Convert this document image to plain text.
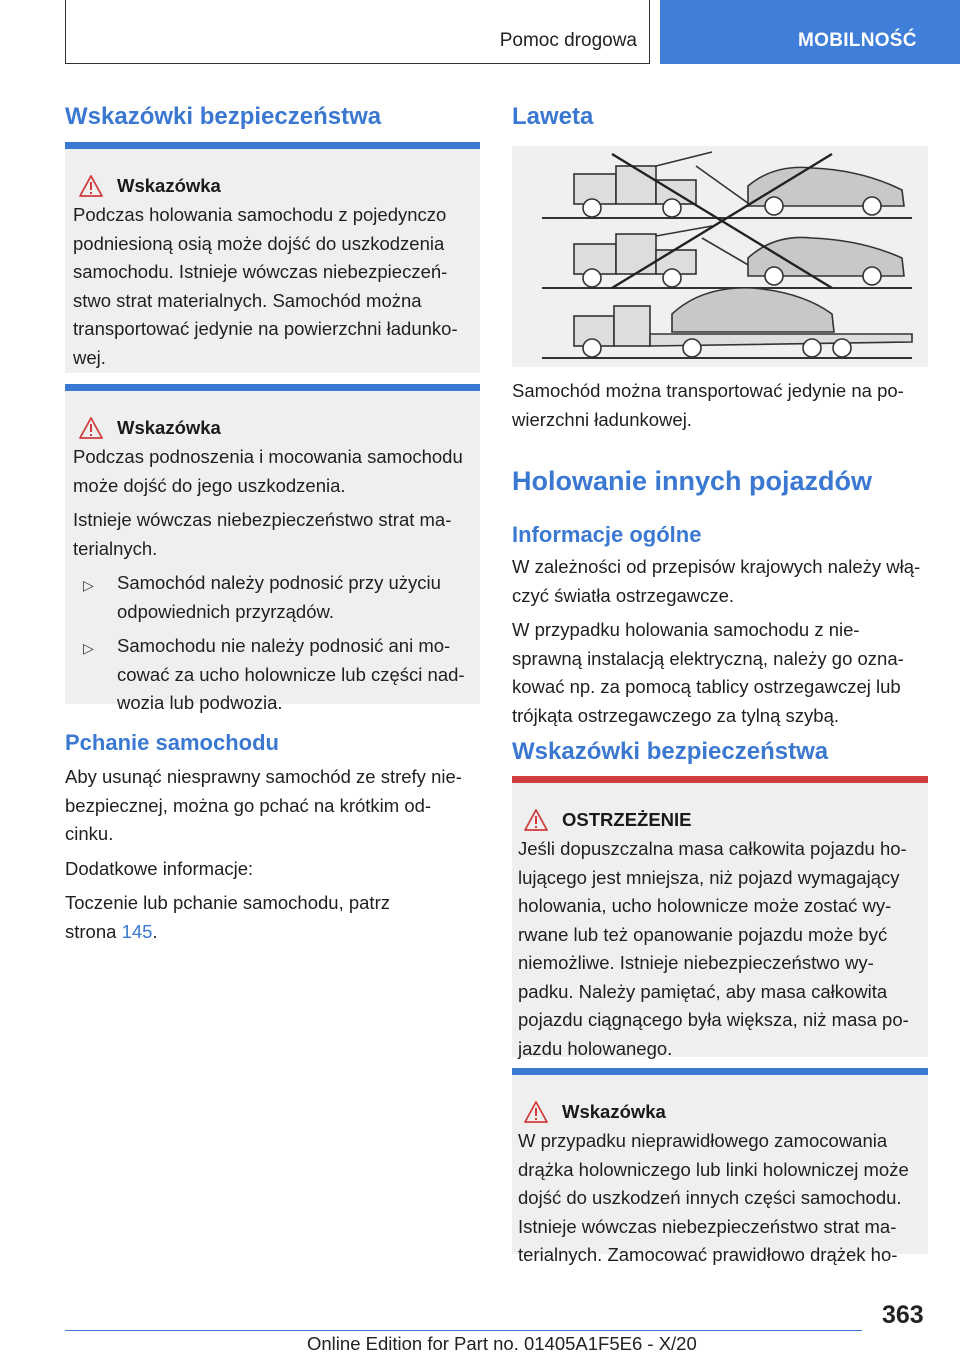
Pomoc drogowa	MOBILNOŚĆ
Wskazówki bezpieczeństwa
Wskazówka
Podczas holowania samochodu z pojedynczo
podniesioną osią może dojść do uszkodzenia
samochodu. Istnieje wówczas niebezpieczeń-
stwo strat materialnych. Samochód można
transportować jedynie na powierzchni ładunko-
wej.
Wskazówka
Podczas podnoszenia i mocowania samochodu
może dojść do jego uszkodzenia.
Istnieje wówczas niebezpieczeństwo strat ma-
terialnych.
▷	Samochód należy podnosić przy użyciu
odpowiednich przyrządów.
▷	Samochodu nie należy podnosić ani mo-
cować za ucho holownicze lub części nad-
wozia lub podwozia.
Pchanie samochodu
Aby usunąć niesprawny samochód ze strefy nie-
bezpiecznej, można go pchać na krótkim od-
cinku.
Dodatkowe informacje:
Toczenie lub pchanie samochodu, patrz
strona 145.
Laweta
Samochód można transportować jedynie na po-
wierzchni ładunkowej.
Holowanie innych pojazdów
Informacje ogólne
W zależności od przepisów krajowych należy włą-
czyć światła ostrzegawcze.
W przypadku holowania samochodu z nie-
sprawną instalacją elektryczną, należy go ozna-
kować np. za pomocą tablicy ostrzegawczej lub
trójkąta ostrzegawczego za tylną szybą.
Wskazówki bezpieczeństwa
OSTRZEŻENIE
Jeśli dopuszczalna masa całkowita pojazdu ho-
lującego jest mniejsza, niż pojazd wymagający
holowania, ucho holownicze może zostać wy-
rwane lub też opanowanie pojazdu może być
niemożliwe. Istnieje niebezpieczeństwo wy-
padku. Należy pamiętać, aby masa całkowita
pojazdu ciągnącego była większa, niż masa po-
jazdu holowanego.
Wskazówka
W przypadku nieprawidłowego zamocowania
drążka holowniczego lub linki holowniczej może
dojść do uszkodzeń innych części samochodu.
Istnieje wówczas niebezpieczeństwo strat ma-
terialnych. Zamocować prawidłowo drążek ho-
363
Online Edition for Part no. 01405A1F5E6 - X/20
